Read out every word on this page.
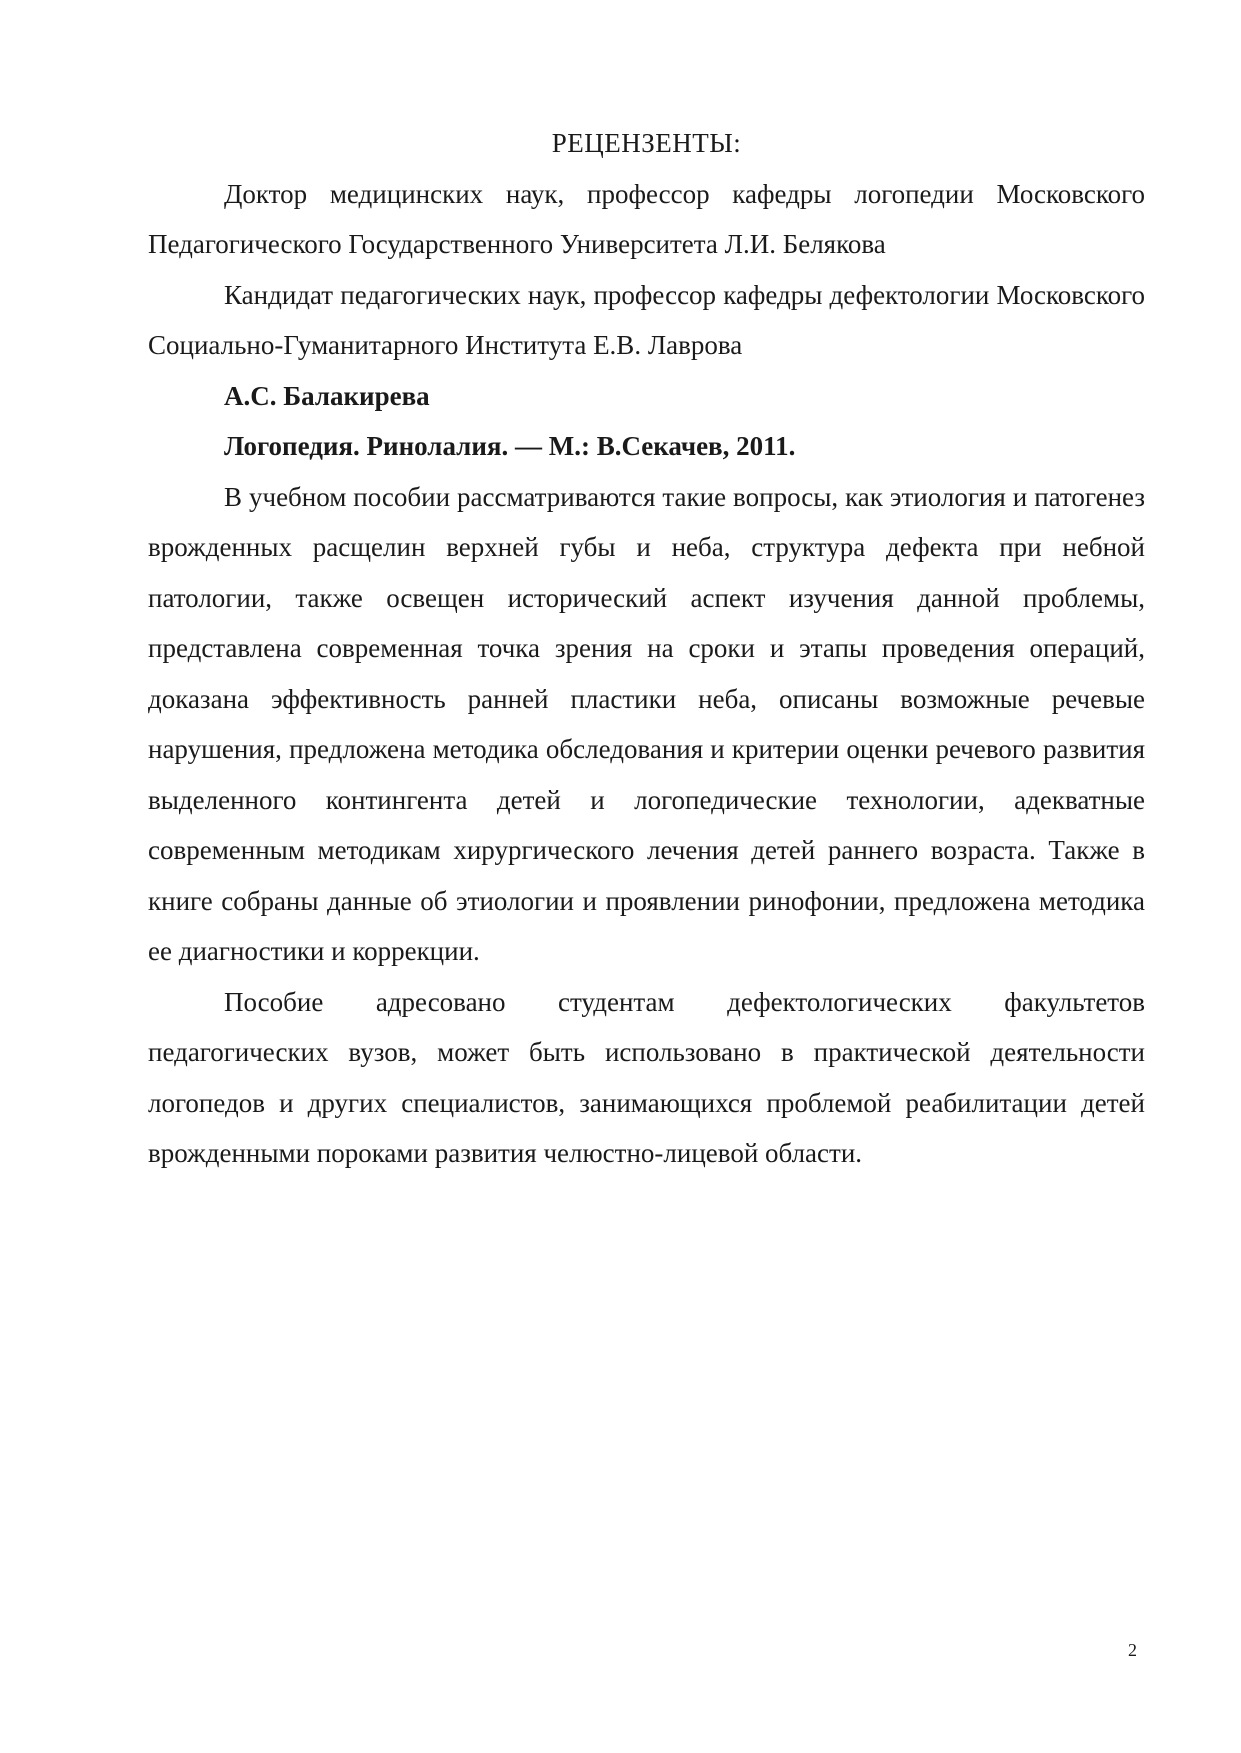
РЕЦЕНЗЕНТЫ:

Доктор медицинских наук, профессор кафедры логопедии Московского Педагогического Государственного Университета Л.И. Белякова

Кандидат педагогических наук, профессор кафедры дефектологии Московского Социально-Гуманитарного Института Е.В. Лаврова

А.С. Балакирева

Логопедия. Ринолалия. — М.: В.Секачев, 2011.

В учебном пособии рассматриваются такие вопросы, как этиология и патогенез врожденных расщелин верхней губы и неба, структура дефекта при небной патологии, также освещен исторический аспект изучения данной проблемы, представлена современная точка зрения на сроки и этапы проведения операций, доказана эффективность ранней пластики неба, описаны возможные речевые нарушения, предложена методика обследования и критерии оценки речевого развития выделенного контингента детей и логопедические технологии, адекватные современным методикам хирургического лечения детей раннего возраста. Также в книге собраны данные об этиологии и проявлении ринофонии, предложена методика ее диагностики и коррекции.

Пособие адресовано студентам дефектологических факультетов педагогических вузов, может быть использовано в практической деятельности логопедов и других специалистов, занимающихся проблемой реабилитации детей врожденными пороками развития челюстно-лицевой области.

2
